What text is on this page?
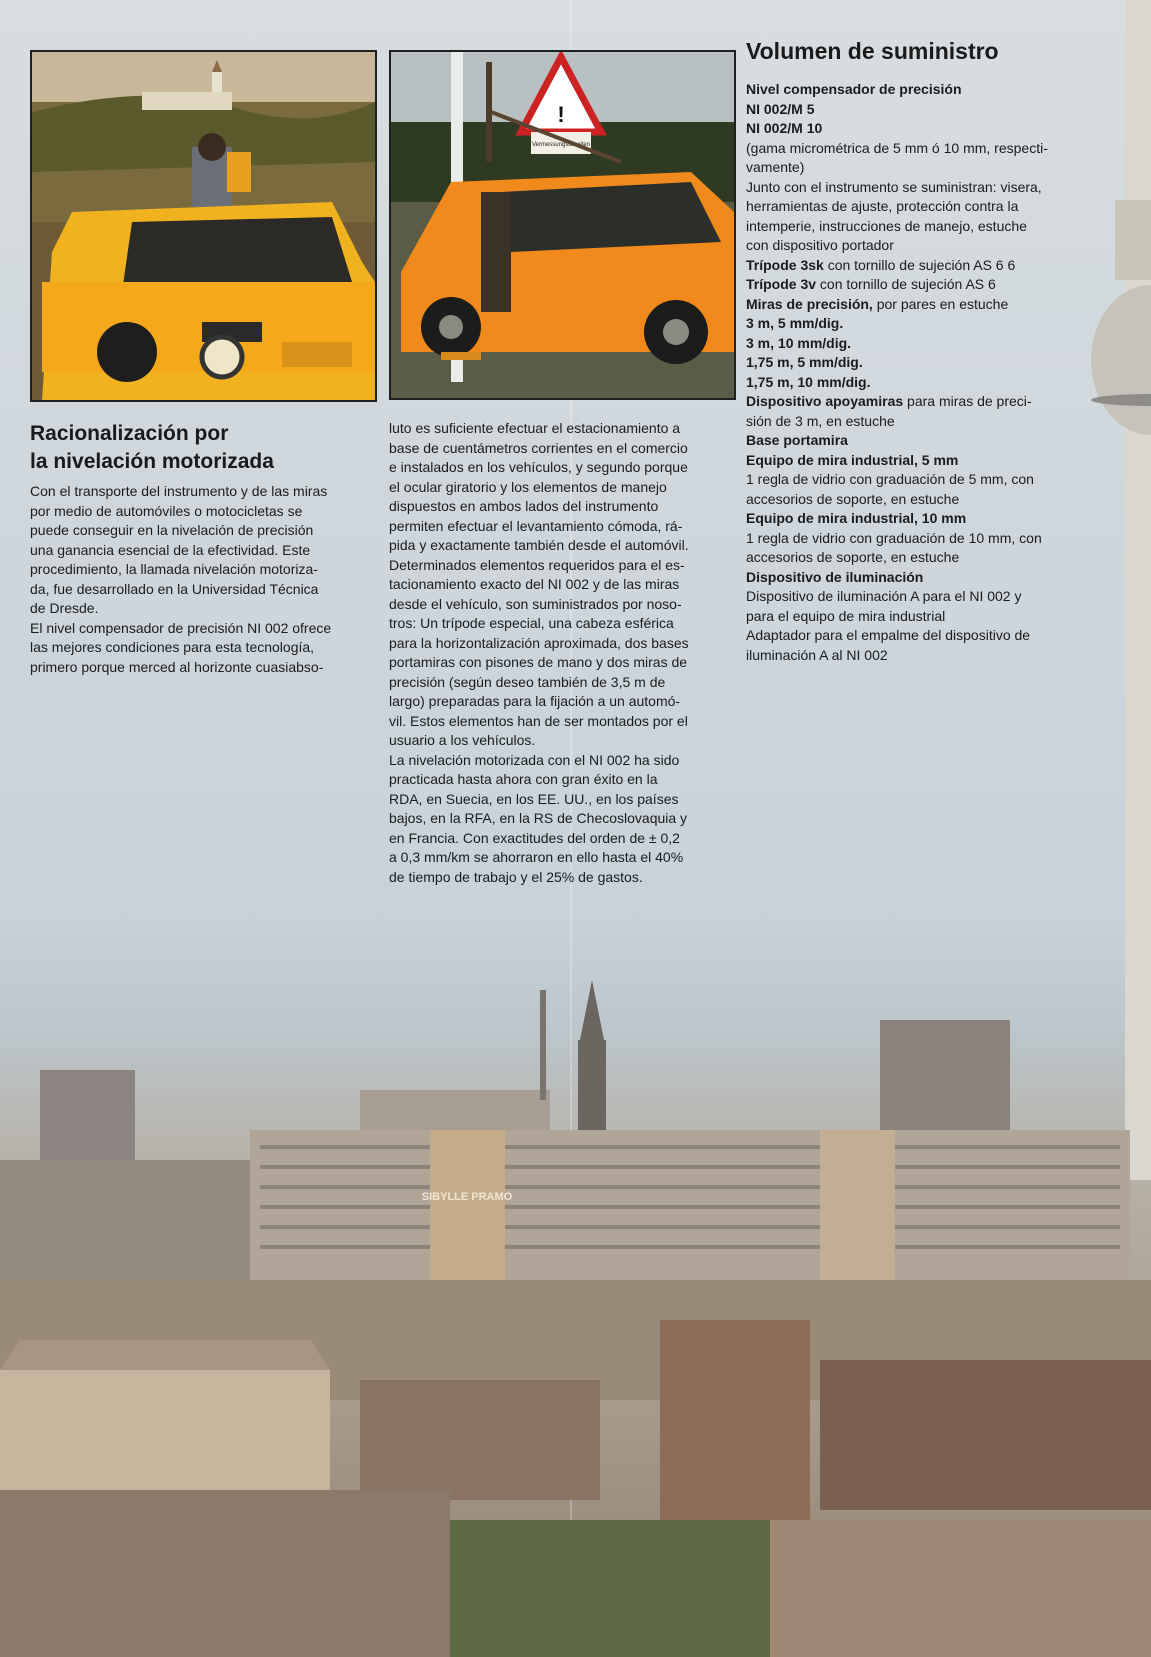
!
Vermessungsarbeiten
Racionalización por
la nivelación motorizada

Con el transporte del instrumento y de las miras

por medio de automóviles o motocicletas se

puede conseguir en la nivelación de precisión

una ganancia esencial de la efectividad. Este

procedimiento, la llamada nivelación motoriza-

da, fue desarrollado en la Universidad Técnica

de Dresde.

El nivel compensador de precisión NI 002 ofrece

las mejores condiciones para esta tecnología,

primero porque merced al horizonte cuasiabso-

luto es suficiente efectuar el estacionamiento a

base de cuentámetros corrientes en el comercio

e instalados en los vehículos, y segundo porque

el ocular giratorio y los elementos de manejo

dispuestos en ambos lados del instrumento

permiten efectuar el levantamiento cómoda, rá-

pida y exactamente también desde el automóvil.

Determinados elementos requeridos para el es-

tacionamiento exacto del NI 002 y de las miras

desde el vehículo, son suministrados por noso-

tros: Un trípode especial, una cabeza esférica

para la horizontalización aproximada, dos bases

portamiras con pisones de mano y dos miras de

precisión (según deseo también de 3,5 m de

largo) preparadas para la fijación a un automó-

vil. Estos elementos han de ser montados por el

usuario a los vehículos.

La nivelación motorizada con el NI 002 ha sido

practicada hasta ahora con gran éxito en la

RDA, en Suecia, en los EE. UU., en los países

bajos, en la RFA, en la RS de Checoslovaquia y

en Francia. Con exactitudes del orden de ± 0,2

a 0,3 mm/km se ahorraron en ello hasta el 40%

de tiempo de trabajo y el 25% de gastos.

Volumen de suministro

Nivel compensador de precisión

NI 002/M 5

NI 002/M 10

(gama micrométrica de 5 mm ó 10 mm, respecti-

vamente)

Junto con el instrumento se suministran: visera,

herramientas de ajuste, protección contra la

intemperie, instrucciones de manejo, estuche

con dispositivo portador

Trípode 3sk con tornillo de sujeción AS 6 6

Trípode 3v con tornillo de sujeción AS 6

Miras de precisión, por pares en estuche

3 m, 5 mm/dig.

3 m, 10 mm/dig.

1,75 m, 5 mm/dig.

1,75 m, 10 mm/dig.

Dispositivo apoyamiras para miras de preci-

sión de 3 m, en estuche

Base portamira

Equipo de mira industrial, 5 mm

1 regla de vidrio con graduación de 5 mm, con

accesorios de soporte, en estuche

Equipo de mira industrial, 10 mm

1 regla de vidrio con graduación de 10 mm, con

accesorios de soporte, en estuche

Dispositivo de iluminación

Dispositivo de iluminación A para el NI 002 y

para el equipo de mira industrial

Adaptador para el empalme del dispositivo de

iluminación A al NI 002

SIBYLLE PRAMO
